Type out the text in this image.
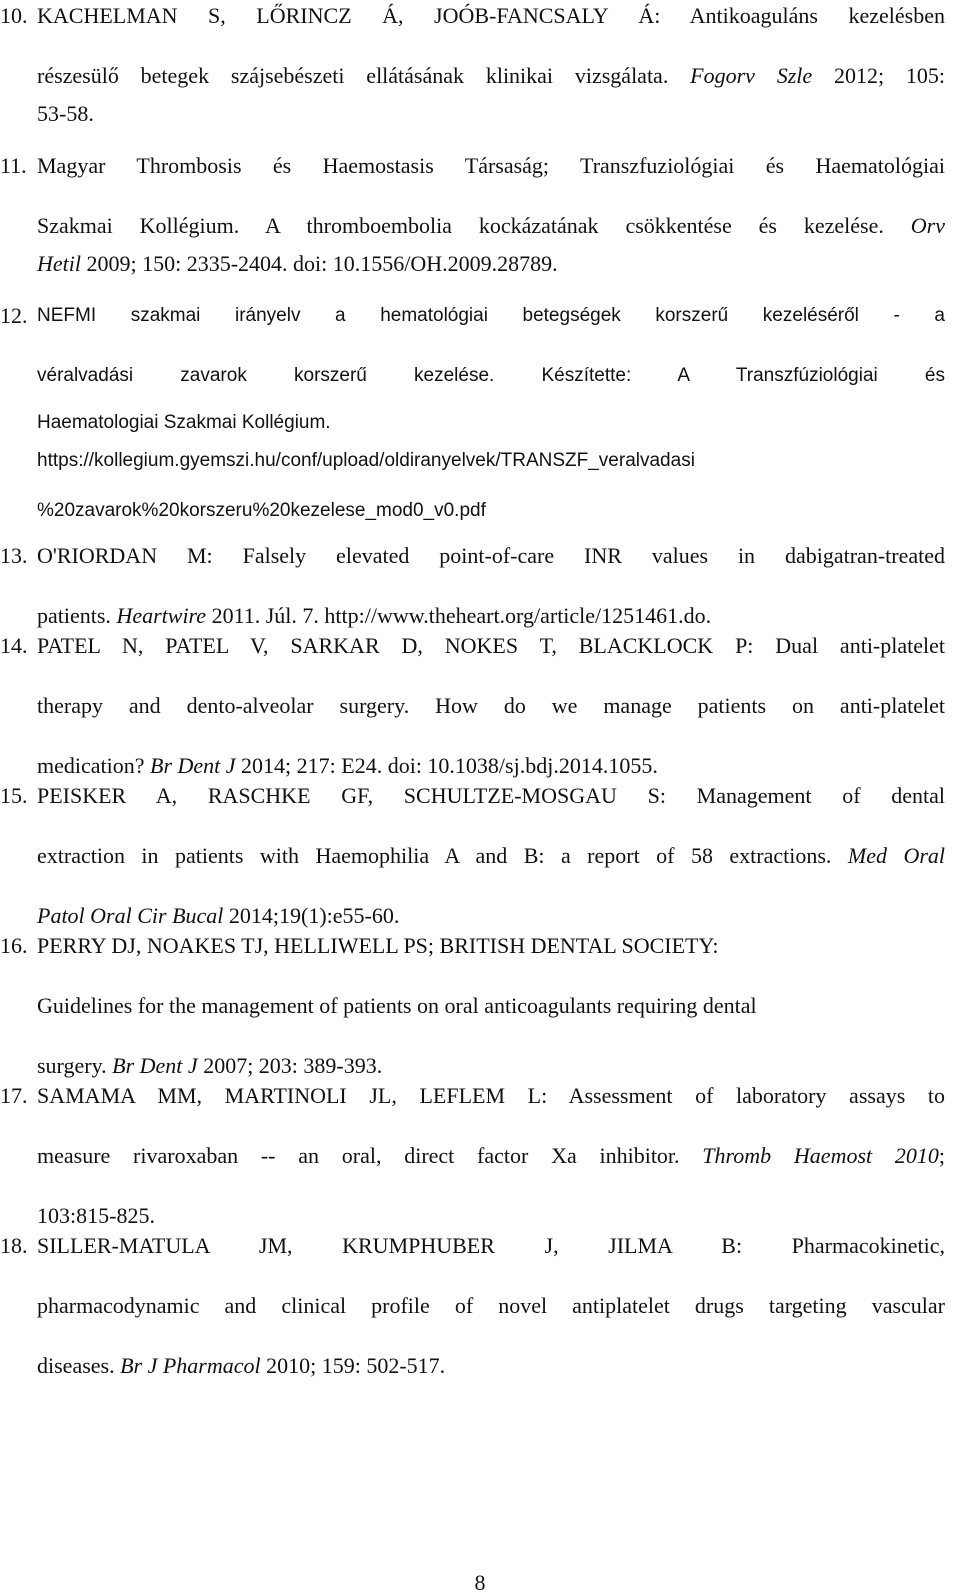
10. KACHELMAN S, LŐRINCZ Á, JOÓB-FANCSALY Á: Antikoaguláns kezelésben
részesülő betegek szájsebészeti ellátásának klinikai vizsgálata. Fogorv Szle 2012; 105:
53-58.
11. Magyar Thrombosis és Haemostasis Társaság; Transzfuziológiai és Haematológiai
Szakmai Kollégium. A thromboembolia kockázatának csökkentése és kezelése. Orv
Hetil 2009; 150: 2335-2404. doi: 10.1556/OH.2009.28789.
12. NEFMI szakmai irányelv a hematológiai betegségek korszerű kezeléséről - a
véralvadási zavarok korszerű kezelése. Készítette: A Transzfúziológiai és
Haematologiai Szakmai Kollégium.
https://kollegium.gyemszi.hu/conf/upload/oldiranyelvek/TRANSZF_veralvadasi
%20zavarok%20korszeru%20kezelese_mod0_v0.pdf
13. O'RIORDAN M: Falsely elevated point-of-care INR values in dabigatran-treated
patients. Heartwire 2011. Júl. 7. http://www.theheart.org/article/1251461.do.
14. PATEL N, PATEL V, SARKAR D, NOKES T, BLACKLOCK P: Dual anti-platelet
therapy and dento-alveolar surgery. How do we manage patients on anti-platelet
medication? Br Dent J 2014; 217: E24. doi: 10.1038/sj.bdj.2014.1055.
15. PEISKER A, RASCHKE GF, SCHULTZE-MOSGAU S: Management of dental
extraction in patients with Haemophilia A and B: a report of 58 extractions. Med Oral
Patol Oral Cir Bucal 2014;19(1):e55-60.
16. PERRY DJ, NOAKES TJ, HELLIWELL PS; BRITISH DENTAL SOCIETY:
Guidelines for the management of patients on oral anticoagulants requiring dental
surgery. Br Dent J 2007; 203: 389-393.
17. SAMAMA MM, MARTINOLI JL, LEFLEM L: Assessment of laboratory assays to
measure rivaroxaban -- an oral, direct factor Xa inhibitor. Thromb Haemost 2010;
103:815-825.
18. SILLER-MATULA JM, KRUMPHUBER J, JILMA B: Pharmacokinetic,
pharmacodynamic and clinical profile of novel antiplatelet drugs targeting vascular
diseases. Br J Pharmacol 2010; 159: 502-517.
8
